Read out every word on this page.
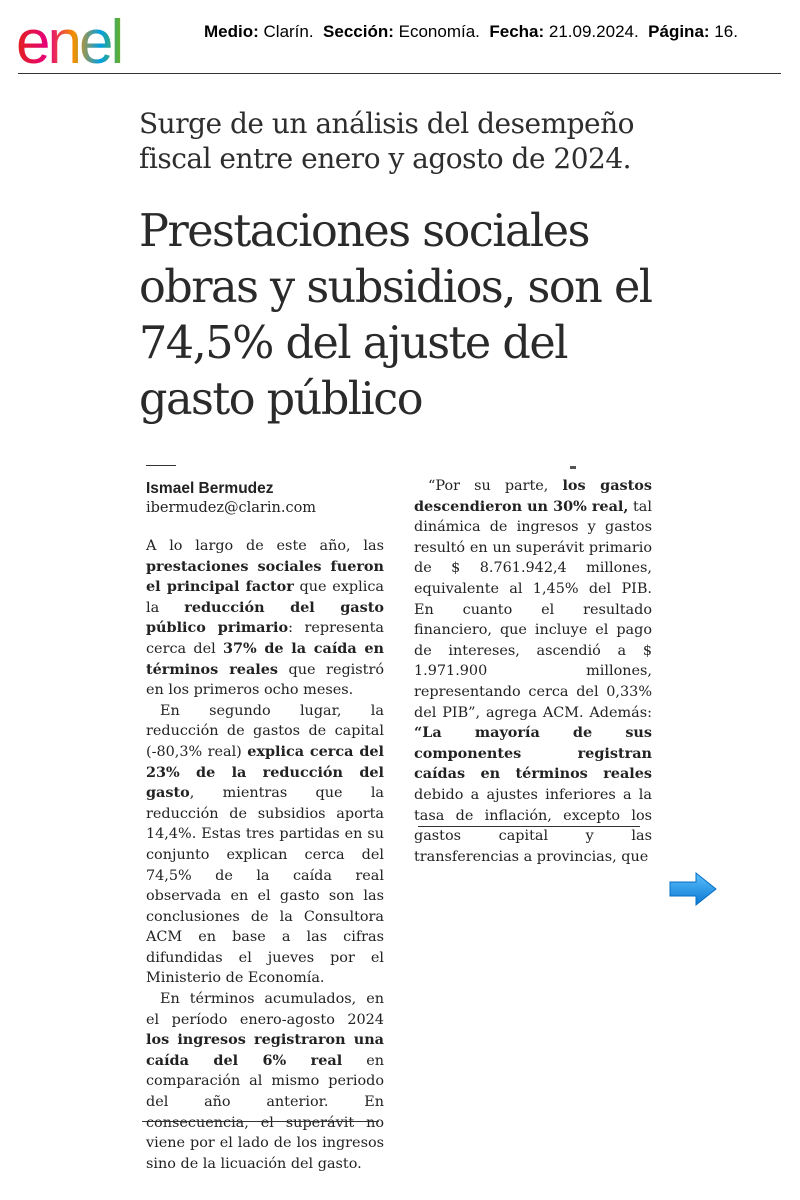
enel	Medio: Clarín. Sección: Economía. Fecha: 21.09.2024. Página: 16.
Surge de un análisis del desempeño fiscal entre enero y agosto de 2024.
Prestaciones sociales obras y subsidios, son el 74,5% del ajuste del gasto público
Ismael Bermudez
ibermudez@clarin.com

A lo largo de este año, las prestaciones sociales fueron el principal factor que explica la reducción del gasto público primario: representa cerca del 37% de la caída en términos reales que registró en los primeros ocho meses.

En segundo lugar, la reducción de gastos de capital (-80,3% real) explica cerca del 23% de la reducción del gasto, mientras que la reducción de subsidios aporta 14,4%. Estas tres partidas en su conjunto explican cerca del 74,5% de la caída real observada en el gasto son las conclusiones de la Consultora ACM en base a las cifras difundidas el jueves por el Ministerio de Economía.

En términos acumulados, en el período enero-agosto 2024 los ingresos registraron una caída del 6% real en comparación al mismo periodo del año anterior. En consecuencia, el superávit no viene por el lado de los ingresos sino de la licuación del gasto.

“Por su parte, los gastos descendieron un 30% real, tal dinámica de ingresos y gastos resultó en un superávit primario de $ 8.761.942,4 millones, equivalente al 1,45% del PIB. En cuanto el resultado financiero, que incluye el pago de intereses, ascendió a $ 1.971.900 millones, representando cerca del 0,33% del PIB”, agrega ACM. Además: “La mayoría de sus componentes registran caídas en términos reales debido a ajustes inferiores a la tasa de inflación, excepto los gastos capital y las transferencias a provincias, que
